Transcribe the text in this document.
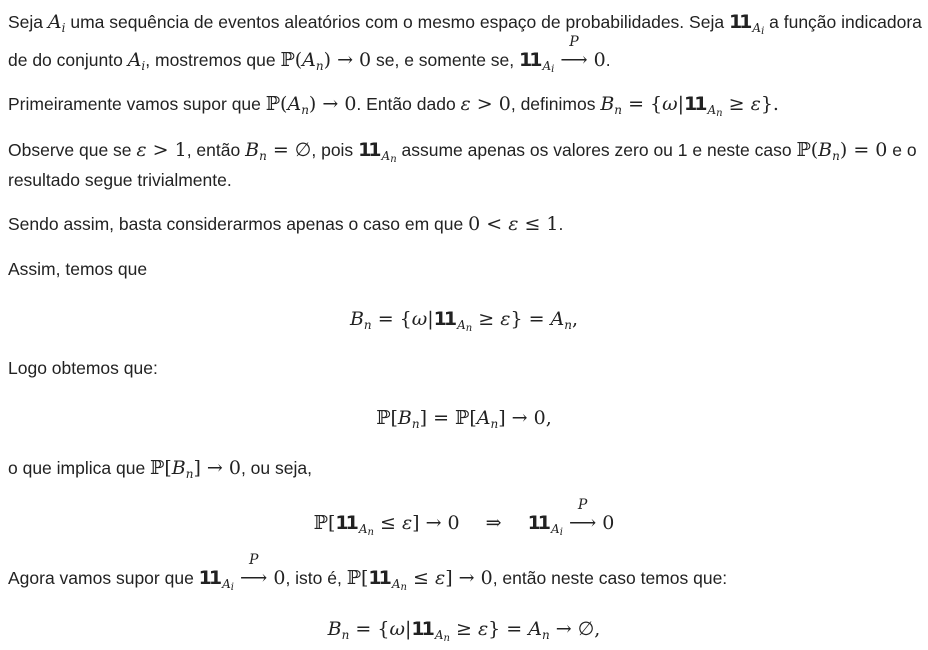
Seja $A_i$ uma sequência de eventos aleatórios com o mesmo espaço de probabilidades. Seja 11 $_{A_i}$ a função indicadora
de do conjunto $A_i$, mostremos que $ℙ(A_n) \to 0$ se, e somente se, 11 $_{A_i}$
P
⟶ 0.
Primeiramente vamos supor que $ℙ(A_n) \to 0$. Então dado ε > 0, definimos $B_n = \{\omega|11$ $_{A_n}$ ≥ ε}.
Observe que se ε > 1, então $B_n$ = ∅, pois 11 $_{A_n}$ assume apenas os valores zero ou 1 e neste caso $ℙ(B_n) = 0$ e o
resultado segue trivialmente.
Sendo assim, basta considerarmos apenas o caso em que 0 < ε ≤ 1.
Assim, temos que
$B_n = \{\omega|11$ $_{A_n} \ge \varepsilon\} = A_n$,
Logo obtemos que:
$ℙ[B_n]$ = $ℙ[A_n] \to 0$,
o que implica que $ℙ[B_n] \to 0$, ou seja,
ℙ[11 $_{A_n}$ ≤ ε] → 0 ⇒ 11 $_{A_i}$
P
⟶ 0
Agora vamos supor que 11 $_{A_i}$
P
⟶ 0, isto é, ℙ[11 $_{A_n}$ ≤ ε] → 0, então neste caso temos que:
$B_n = \{\omega|11$ $_{A_n} \ge \varepsilon\} = A_n$ → ∅,
